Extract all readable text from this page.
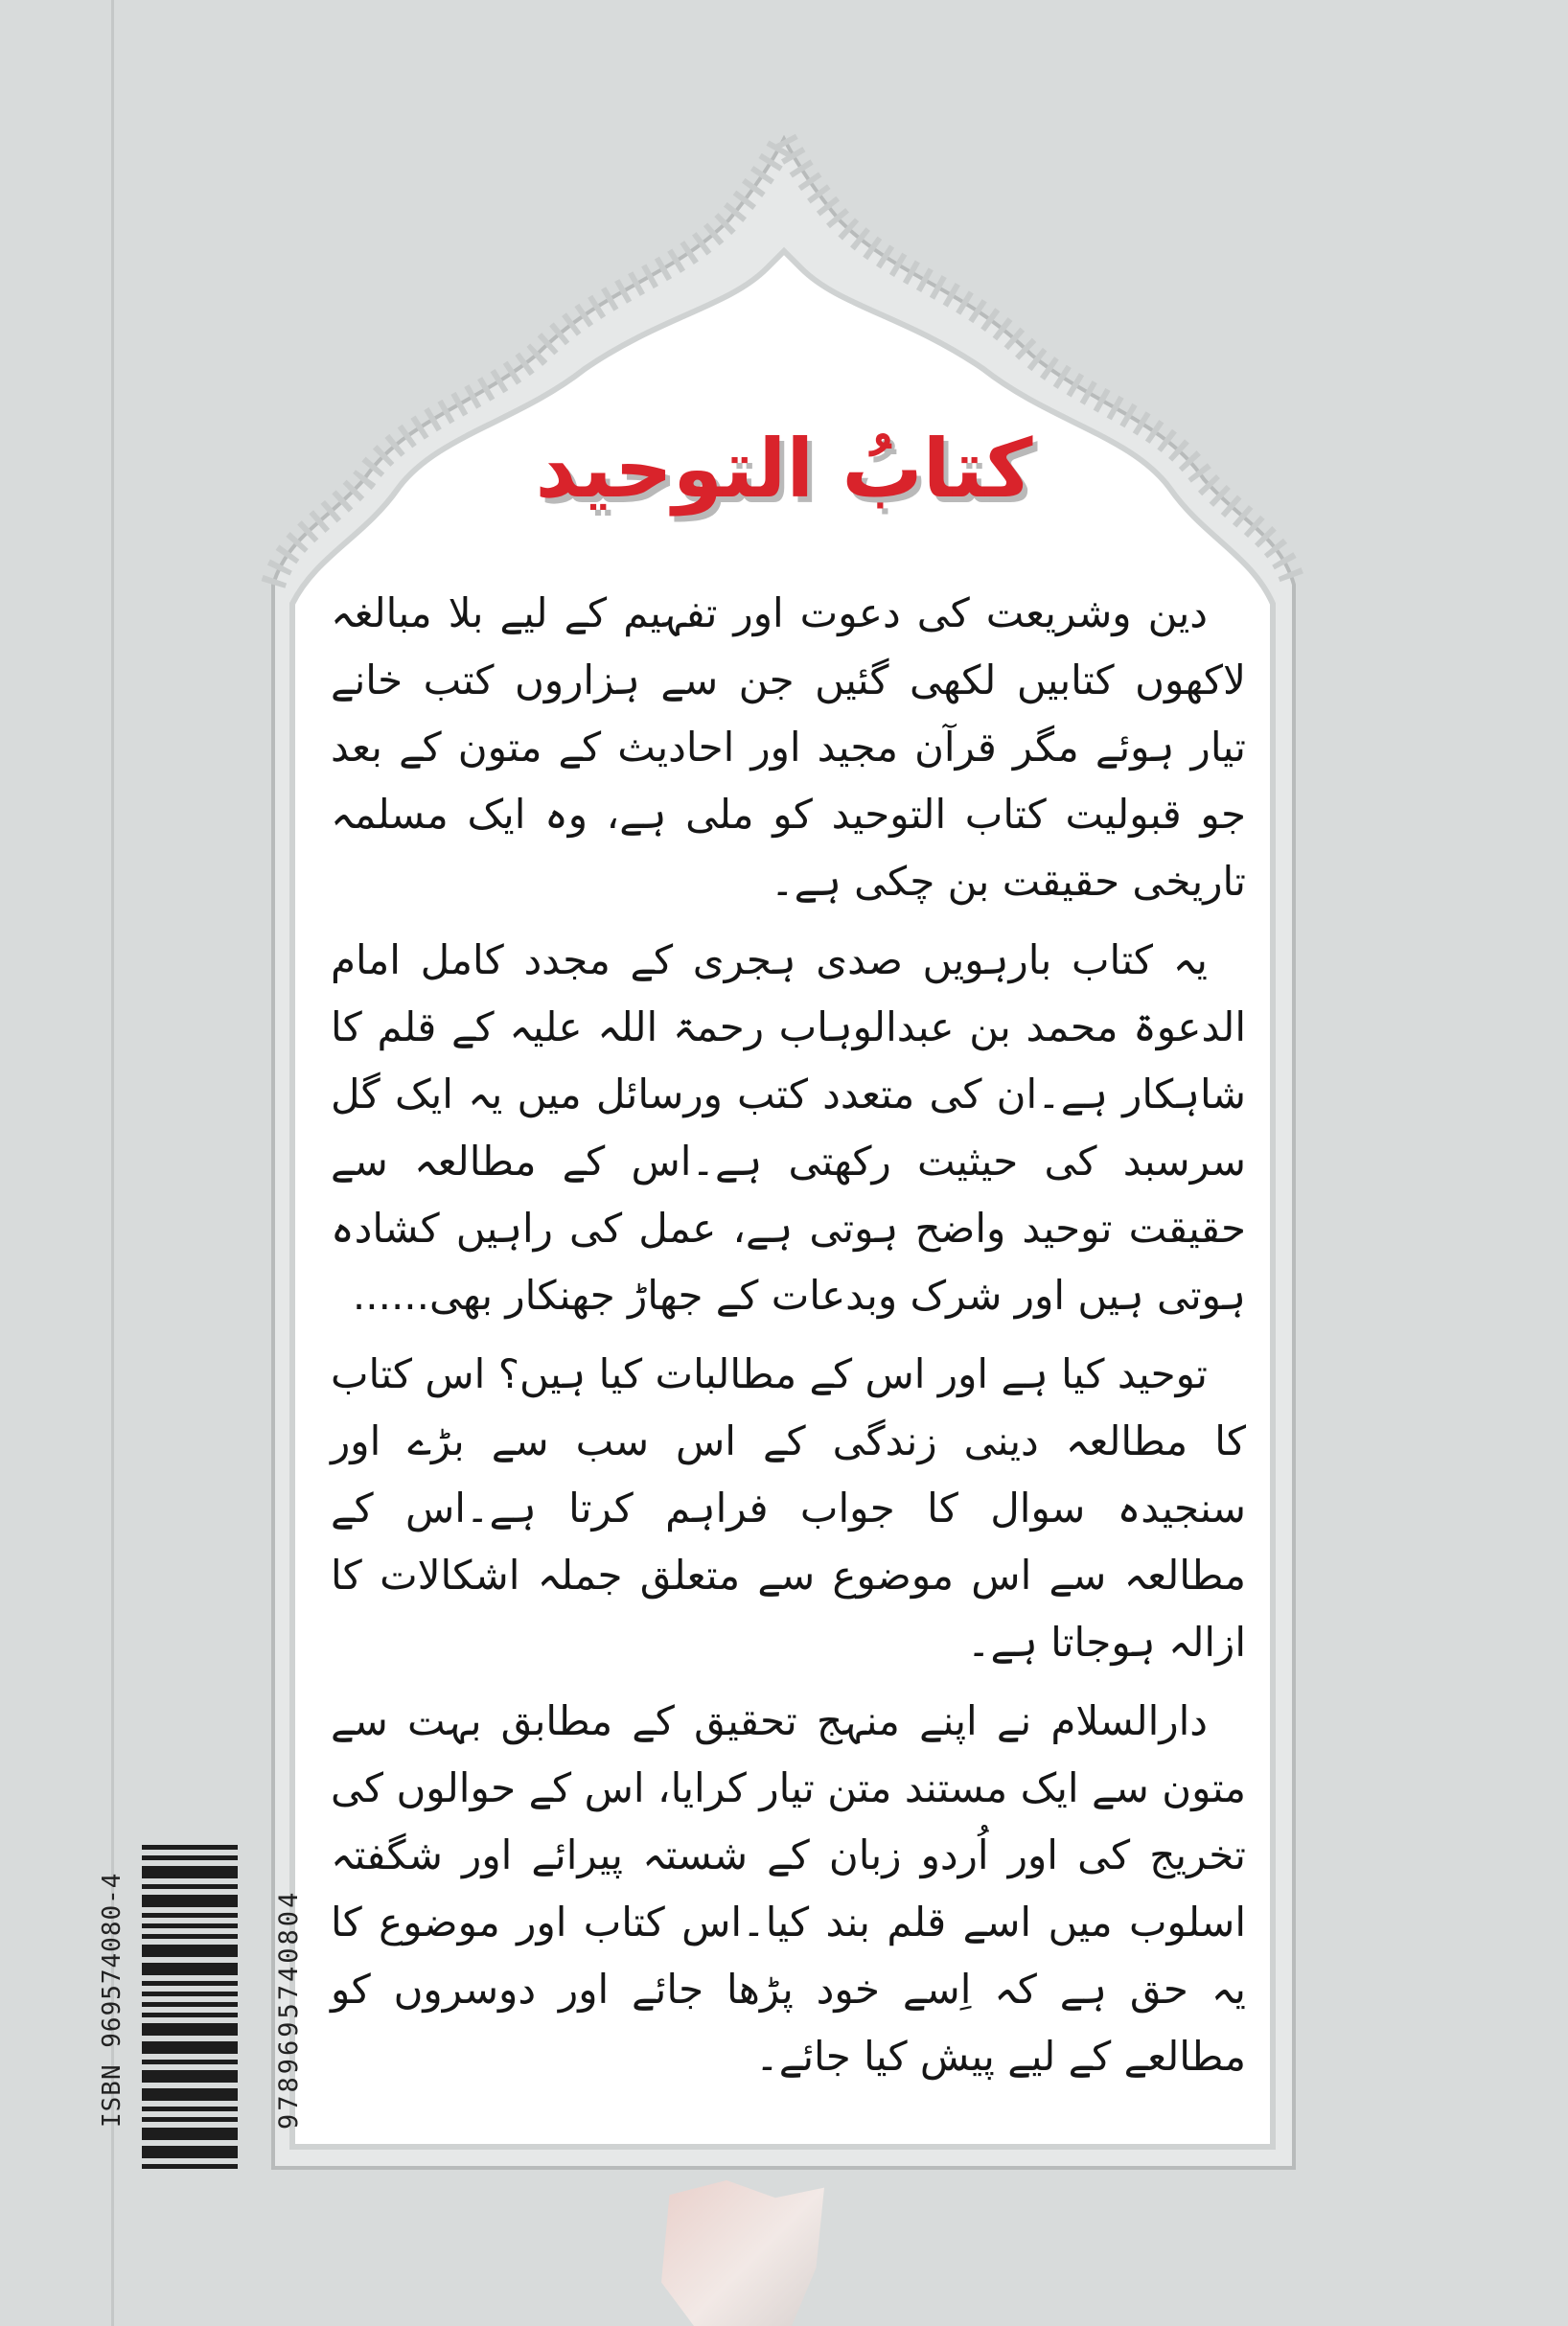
کتابُ التوحید

دین وشریعت کی دعوت اور تفہیم کے لیے بلا مبالغہ لاکھوں کتابیں لکھی گئیں جن سے ہزاروں کتب خانے تیار ہوئے مگر قرآن مجید اور احادیث کے متون کے بعد جو قبولیت کتاب التوحید کو ملی ہے، وہ ایک مسلمہ تاریخی حقیقت بن چکی ہے۔

یہ کتاب بارہویں صدی ہجری کے مجدد کامل امام الدعوۃ محمد بن عبدالوہاب رحمۃ اللہ علیہ کے قلم کا شاہکار ہے۔ان کی متعدد کتب ورسائل میں یہ ایک گل سرسبد کی حیثیت رکھتی ہے۔اس کے مطالعہ سے حقیقت توحید واضح ہوتی ہے، عمل کی راہیں کشادہ ہوتی ہیں اور شرک وبدعات کے جھاڑ جھنکار بھی......

توحید کیا ہے اور اس کے مطالبات کیا ہیں؟ اس کتاب کا مطالعہ دینی زندگی کے اس سب سے بڑے اور سنجیدہ سوال کا جواب فراہم کرتا ہے۔اس کے مطالعہ سے اس موضوع سے متعلق جملہ اشکالات کا ازالہ ہوجاتا ہے۔

دارالسلام نے اپنے منہج تحقیق کے مطابق بہت سے متون سے ایک مستند متن تیار کرایا، اس کے حوالوں کی تخریج کی اور اُردو زبان کے شستہ پیرائے اور شگفتہ اسلوب میں اسے قلم بند کیا۔اس کتاب اور موضوع کا یہ حق ہے کہ اِسے خود پڑھا جائے اور دوسروں کو مطالعے کے لیے پیش کیا جائے۔

ISBN 969574080-4	9789695740804
